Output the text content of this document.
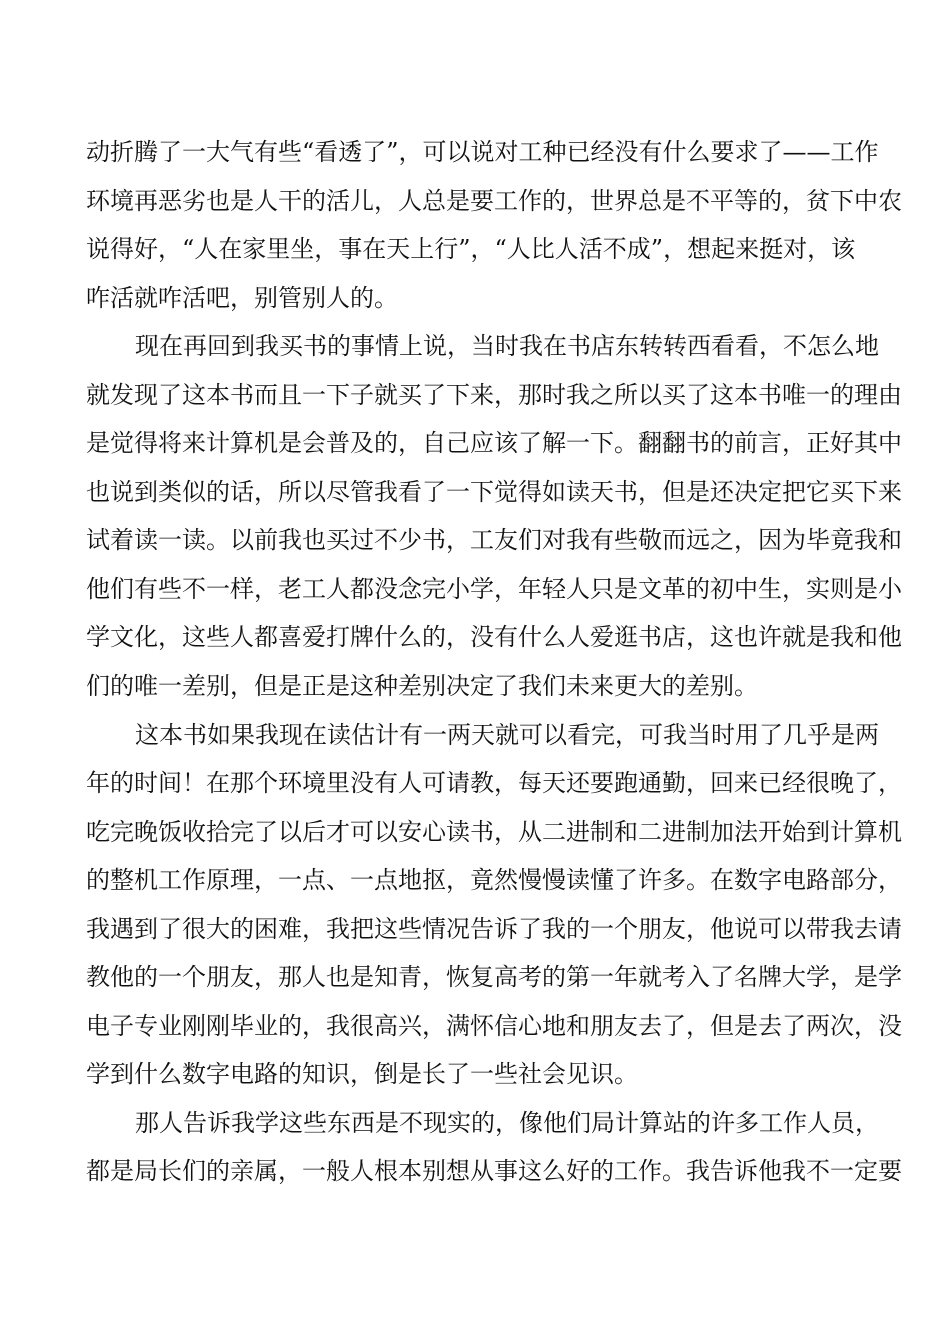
动折腾了一大气有些“看透了”，可以说对工种已经没有什么要求了——工作
环境再恶劣也是人干的活儿，人总是要工作的，世界总是不平等的，贫下中农
说得好，“人在家里坐，事在天上行”，“人比人活不成”，想起来挺对，该
咋活就咋活吧，别管别人的。
现在再回到我买书的事情上说，当时我在书店东转转西看看，不怎么地
就发现了这本书而且一下子就买了下来，那时我之所以买了这本书唯一的理由
是觉得将来计算机是会普及的，自己应该了解一下。翻翻书的前言，正好其中
也说到类似的话，所以尽管我看了一下觉得如读天书，但是还决定把它买下来
试着读一读。以前我也买过不少书，工友们对我有些敬而远之，因为毕竟我和
他们有些不一样，老工人都没念完小学，年轻人只是文革的初中生，实则是小
学文化，这些人都喜爱打牌什么的，没有什么人爱逛书店，这也许就是我和他
们的唯一差别，但是正是这种差别决定了我们未来更大的差别。
这本书如果我现在读估计有一两天就可以看完，可我当时用了几乎是两
年的时间！在那个环境里没有人可请教，每天还要跑通勤，回来已经很晚了，
吃完晚饭收拾完了以后才可以安心读书，从二进制和二进制加法开始到计算机
的整机工作原理，一点、一点地抠，竟然慢慢读懂了许多。在数字电路部分，
我遇到了很大的困难，我把这些情况告诉了我的一个朋友，他说可以带我去请
教他的一个朋友，那人也是知青，恢复高考的第一年就考入了名牌大学，是学
电子专业刚刚毕业的，我很高兴，满怀信心地和朋友去了，但是去了两次，没
学到什么数字电路的知识，倒是长了一些社会见识。
那人告诉我学这些东西是不现实的，像他们局计算站的许多工作人员，
都是局长们的亲属，一般人根本别想从事这么好的工作。我告诉他我不一定要
